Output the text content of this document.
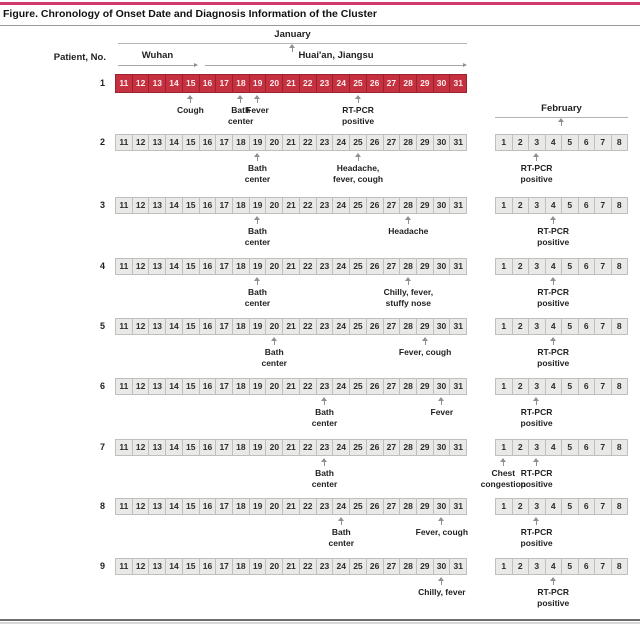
Figure. Chronology of Onset Date and Diagnosis Information of the Cluster
January
Patient, No.	Wuhan	Huai'an, Jiangsu
February
1	11 12 13 14 15 16 17 18 19 20 21 22 23 24 25 26 27 28 29 30 31
Cough	Bath
center
Fever	RT-PCR
positive
2	11 12 13 14 15 16 17 18 19 20 21 22 23 24 25 26 27 28 29 30 31	1	2	3	4	5	6	7	8
Bath
center
Headache,
fever, cough
RT-PCR
positive
3	11 12 13 14 15 16 17 18 19 20 21 22 23 24 25 26 27 28 29 30 31	1	2	3	4	5	6	7	8
Bath
center
Headache	RT-PCR
positive
4	11 12 13 14 15 16 17 18 19 20 21 22 23 24 25 26 27 28 29 30 31	1	2	3	4	5	6	7	8
Bath
center
Chilly, fever,
stuffy nose
RT-PCR
positive
5	11 12 13 14 15 16 17 18 19 20 21 22 23 24 25 26 27 28 29 30 31	1	2	3	4	5	6	7	8
Bath
center
Fever, cough	RT-PCR
positive
6	11 12 13 14 15 16 17 18 19 20 21 22 23 24 25 26 27 28 29 30 31	1	2	3	4	5	6	7	8
Bath
center
Fever	RT-PCR
positive
7	11 12 13 14 15 16 17 18 19 20 21 22 23 24 25 26 27 28 29 30 31	1	2	3	4	5	6	7	8
Bath
center
Chest
congestion
RT-PCR
positive
8	11 12 13 14 15 16 17 18 19 20 21 22 23 24 25 26 27 28 29 30 31	1	2	3	4	5	6	7	8
Bath
center
Fever, cough	RT-PCR
positive
9	11 12 13 14 15 16 17 18 19 20 21 22 23 24 25 26 27 28 29 30 31	1	2	3	4	5	6	7	8
Chilly, fever	RT-PCR
positive
